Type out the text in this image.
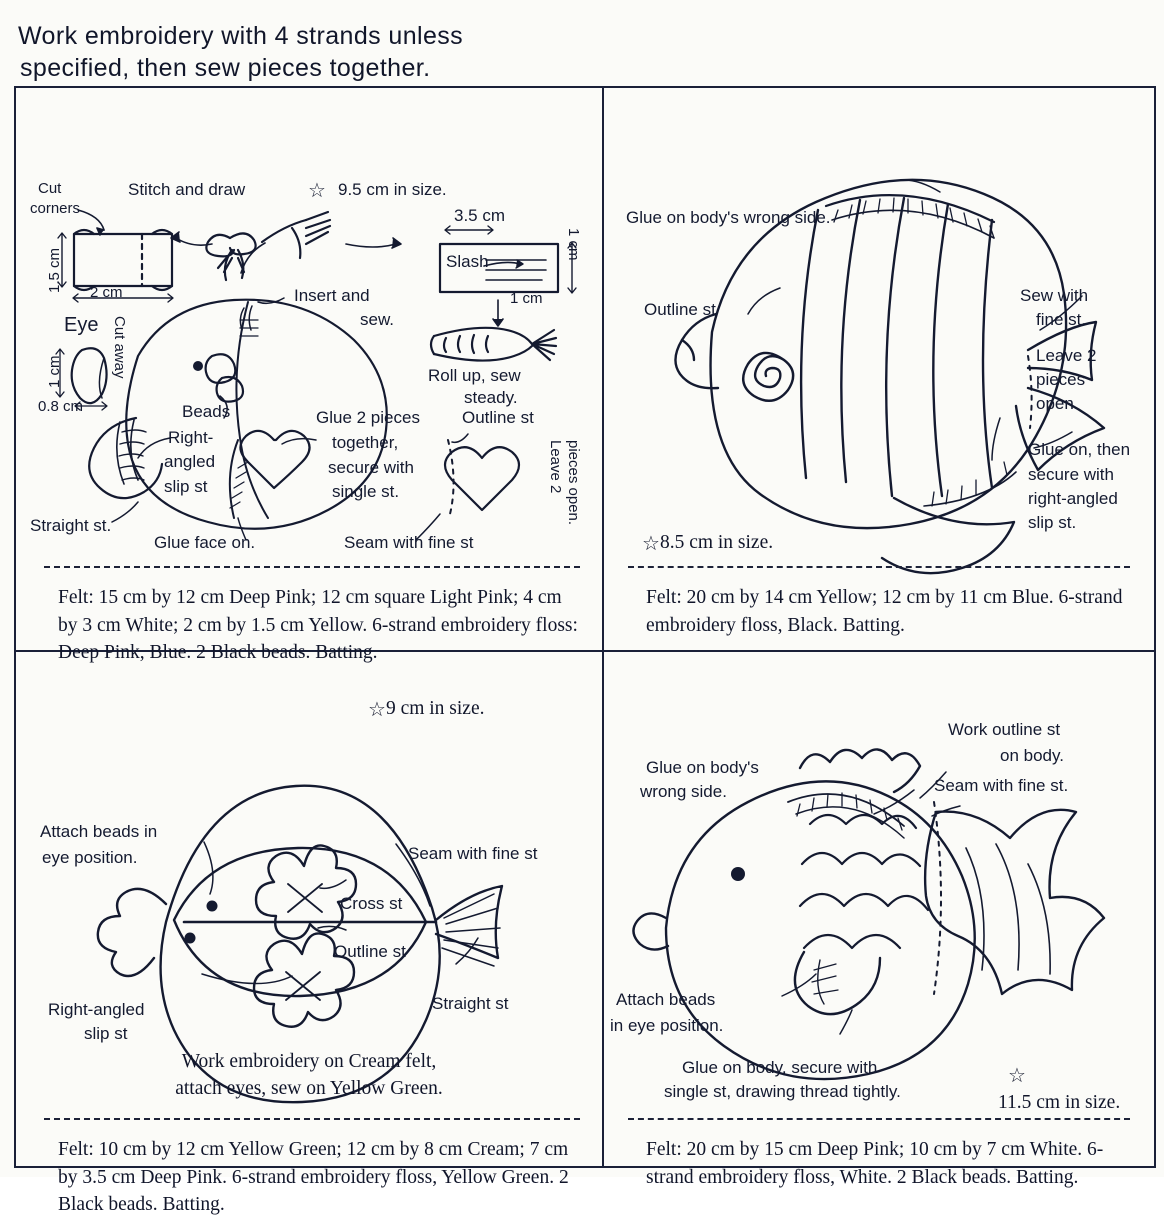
Work embroidery with 4 strands unless
specified, then sew pieces together.
Cut
corners
Stitch and draw	☆ 9.5 cm in size.
1.5 cm 2 cm
3.5 cm
Slash
1 cm
1 cm
Roll up, sew
steady.
Insert and
sew.
Eye Cut away
1 cm
0.8 cm	Beads
Right-
angled
slip st
Straight st.
Glue face on.
Glue 2 pieces
together,
secure with
single st.
Seam with fine st
Outline st
Leave 2 pieces open.
Felt: 15 cm by 12 cm Deep Pink; 12 cm square Light Pink; 4 cm by 3 cm White; 2 cm by 1.5 cm Yellow. 6-strand embroidery floss: Deep Pink, Blue. 2 Black beads. Batting.
Glue on body's wrong side.
Outline st
Sew with
fine st.
Leave 2
pieces
open.
Glue on, then
secure with
right-angled
slip st.
☆8.5 cm in size.
Felt: 20 cm by 14 cm Yellow; 12 cm by 11 cm Blue. 6-strand embroidery floss, Black. Batting.
☆9 cm in size.
Attach beads in
eye position.	Seam with fine st
Cross st
Outline st
Right-angled
slip st
Straight st
Work embroidery on Cream felt,
attach eyes, sew on Yellow Green.
Felt: 10 cm by 12 cm Yellow Green; 12 cm by 8 cm Cream; 7 cm by 3.5 cm Deep Pink. 6-strand embroidery floss, Yellow Green. 2 Black beads. Batting.
Glue on body's
wrong side.
Work outline st
on body.
Seam with fine st.
Attach beads
in eye position.
Glue on body, secure with
single st, drawing thread tightly.
☆
11.5 cm in size.
Felt: 20 cm by 15 cm Deep Pink; 10 cm by 7 cm White. 6-strand embroidery floss, White. 2 Black beads. Batting.
